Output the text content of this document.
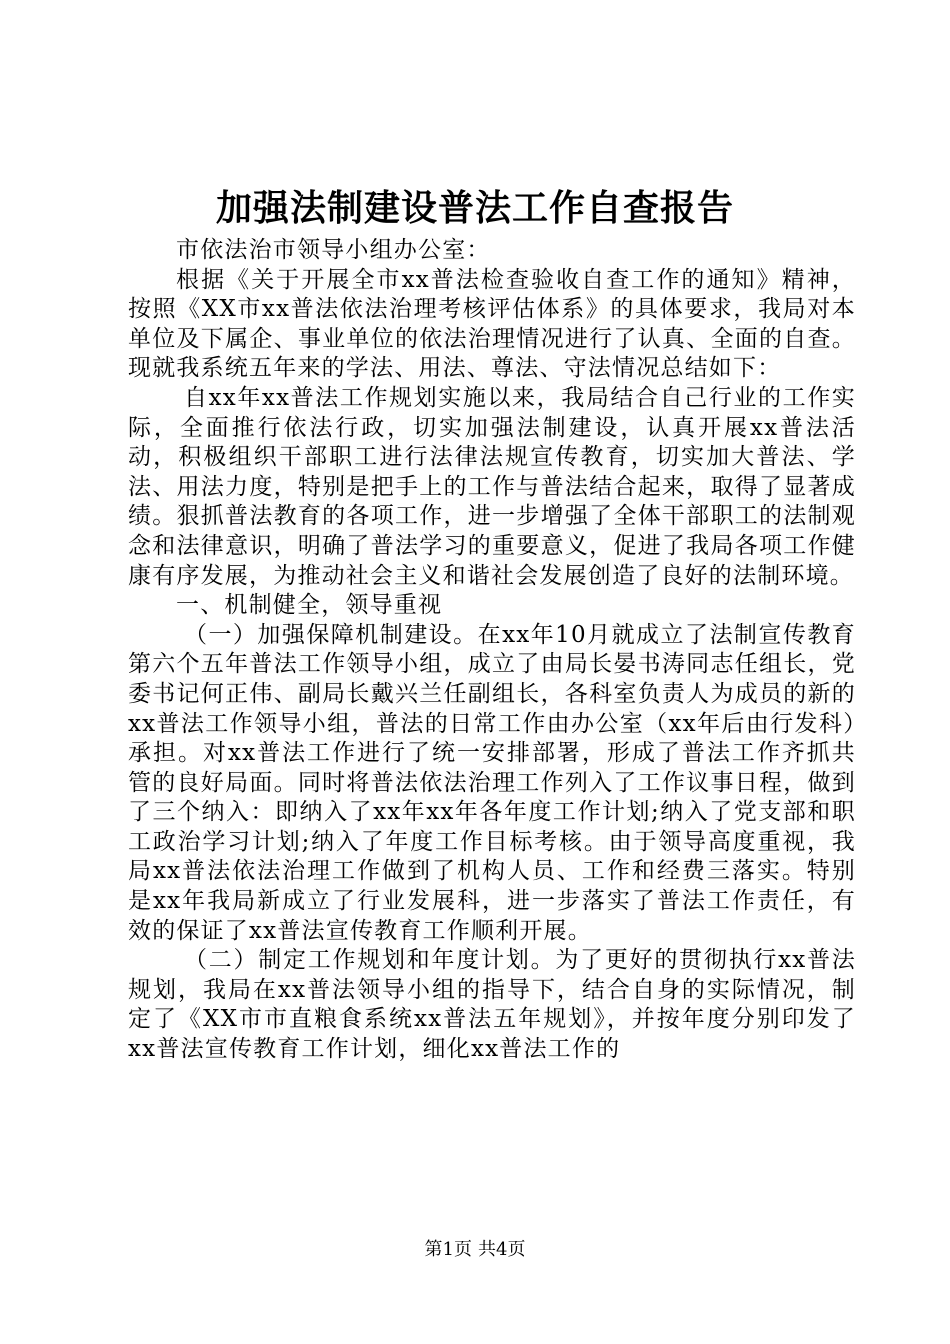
加强法制建设普法工作自查报告

市依法治市领导小组办公室：

根据《关于开展全市xx普法检查验收自查工作的通知》精神，按照《XX市xx普法依法治理考核评估体系》的具体要求，我局对本单位及下属企、事业单位的依法治理情况进行了认真、全面的自查。现就我系统五年来的学法、用法、尊法、守法情况总结如下：

自xx年xx普法工作规划实施以来，我局结合自己行业的工作实际，全面推行依法行政，切实加强法制建设，认真开展xx普法活动，积极组织干部职工进行法律法规宣传教育，切实加大普法、学法、用法力度，特别是把手上的工作与普法结合起来，取得了显著成绩。狠抓普法教育的各项工作，进一步增强了全体干部职工的法制观念和法律意识，明确了普法学习的重要意义，促进了我局各项工作健康有序发展，为推动社会主义和谐社会发展创造了良好的法制环境。

一、机制健全，领导重视

（一）加强保障机制建设。在xx年10月就成立了法制宣传教育第六个五年普法工作领导小组，成立了由局长晏书涛同志任组长，党委书记何正伟、副局长戴兴兰任副组长，各科室负责人为成员的新的xx普法工作领导小组，普法的日常工作由办公室（xx年后由行发科）承担。对xx普法工作进行了统一安排部署，形成了普法工作齐抓共管的良好局面。同时将普法依法治理工作列入了工作议事日程，做到了三个纳入：即纳入了xx年xx年各年度工作计划;纳入了党支部和职工政治学习计划;纳入了年度工作目标考核。由于领导高度重视，我局xx普法依法治理工作做到了机构人员、工作和经费三落实。特别是xx年我局新成立了行业发展科，进一步落实了普法工作责任，有效的保证了xx普法宣传教育工作顺利开展。

（二）制定工作规划和年度计划。为了更好的贯彻执行xx普法规划，我局在xx普法领导小组的指导下，结合自身的实际情况，制定了《XX市市直粮食系统xx普法五年规划》，并按年度分别印发了xx普法宣传教育工作计划，细化xx普法工作的

第1页 共4页
